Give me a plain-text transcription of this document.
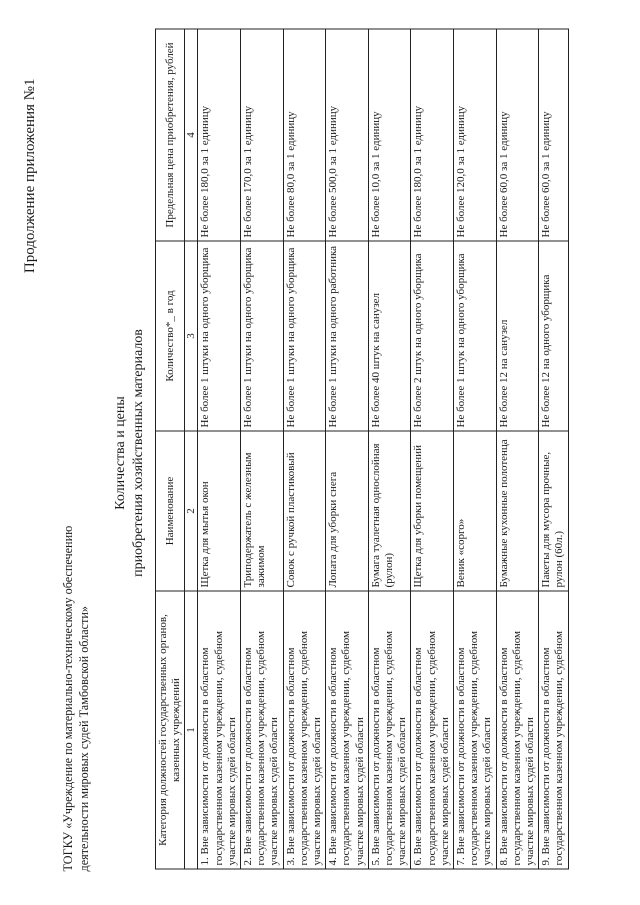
Продолжение приложения №1
ТОГКУ «Учреждение по материально-техническому обеспечению деятельности мировых судей Тамбовской области»
Количества и цены приобретения хозяйственных материалов
Категория должностей государственных органов, казенных учреждений	Наименование	Количество*_ в год	Предельная цена приобретения, рублей
1	2	3	4
1. Вне зависимости от должности в областном государственном казенном учреждении, судебном участке мировых судей области	Щетка для мытья окон	Не более 1 штуки на одного уборщика	Не более 180,0 за 1 единицу
2. Вне зависимости от должности в областном государственном казенном учреждении, судебном участке мировых судей области	Триподержатель с железным зажимом	Не более 1 штуки на одного уборщика	Не более 170,0 за 1 единицу
3. Вне зависимости от должности в областном государственном казенном учреждении, судебном участке мировых судей области	Совок с ручкой пластиковый	Не более 1 штуки на одного уборщика	Не более 80,0 за 1 единицу
4. Вне зависимости от должности в областном государственном казенном учреждении, судебном участке мировых судей области	Лопата для уборки снега	Не более 1 штуки на одного работника	Не более 500,0 за 1 единицу
5. Вне зависимости от должности в областном государственном казенном учреждении, судебном участке мировых судей области	Бумага туалетная однослойная (рулон)	Не более 40 штук на санузел	Не более 10,0 за 1 единицу
6. Вне зависимости от должности в областном государственном казенном учреждении, судебном участке мировых судей области	Щетка для уборки помещений	Не более 2 штук на одного уборщика	Не более 180,0 за 1 единицу
7. Вне зависимости от должности в областном государственном казенном учреждении, судебном участке мировых судей области	Веник «сорго»	Не более 1 штук на одного уборщика	Не более 120,0 за 1 единицу
8. Вне зависимости от должности в областном государственном казенном учреждении, судебном участке мировых судей области	Бумажные кухонные полотенца	Не более 12 на санузел	Не более 60,0 за 1 единицу
9. Вне зависимости от должности в областном государственном казенном учреждении, судебном	Пакеты для мусора прочные, рулон (60л.)	Не более 12 на одного уборщика	Не более 60,0 за 1 единицу
